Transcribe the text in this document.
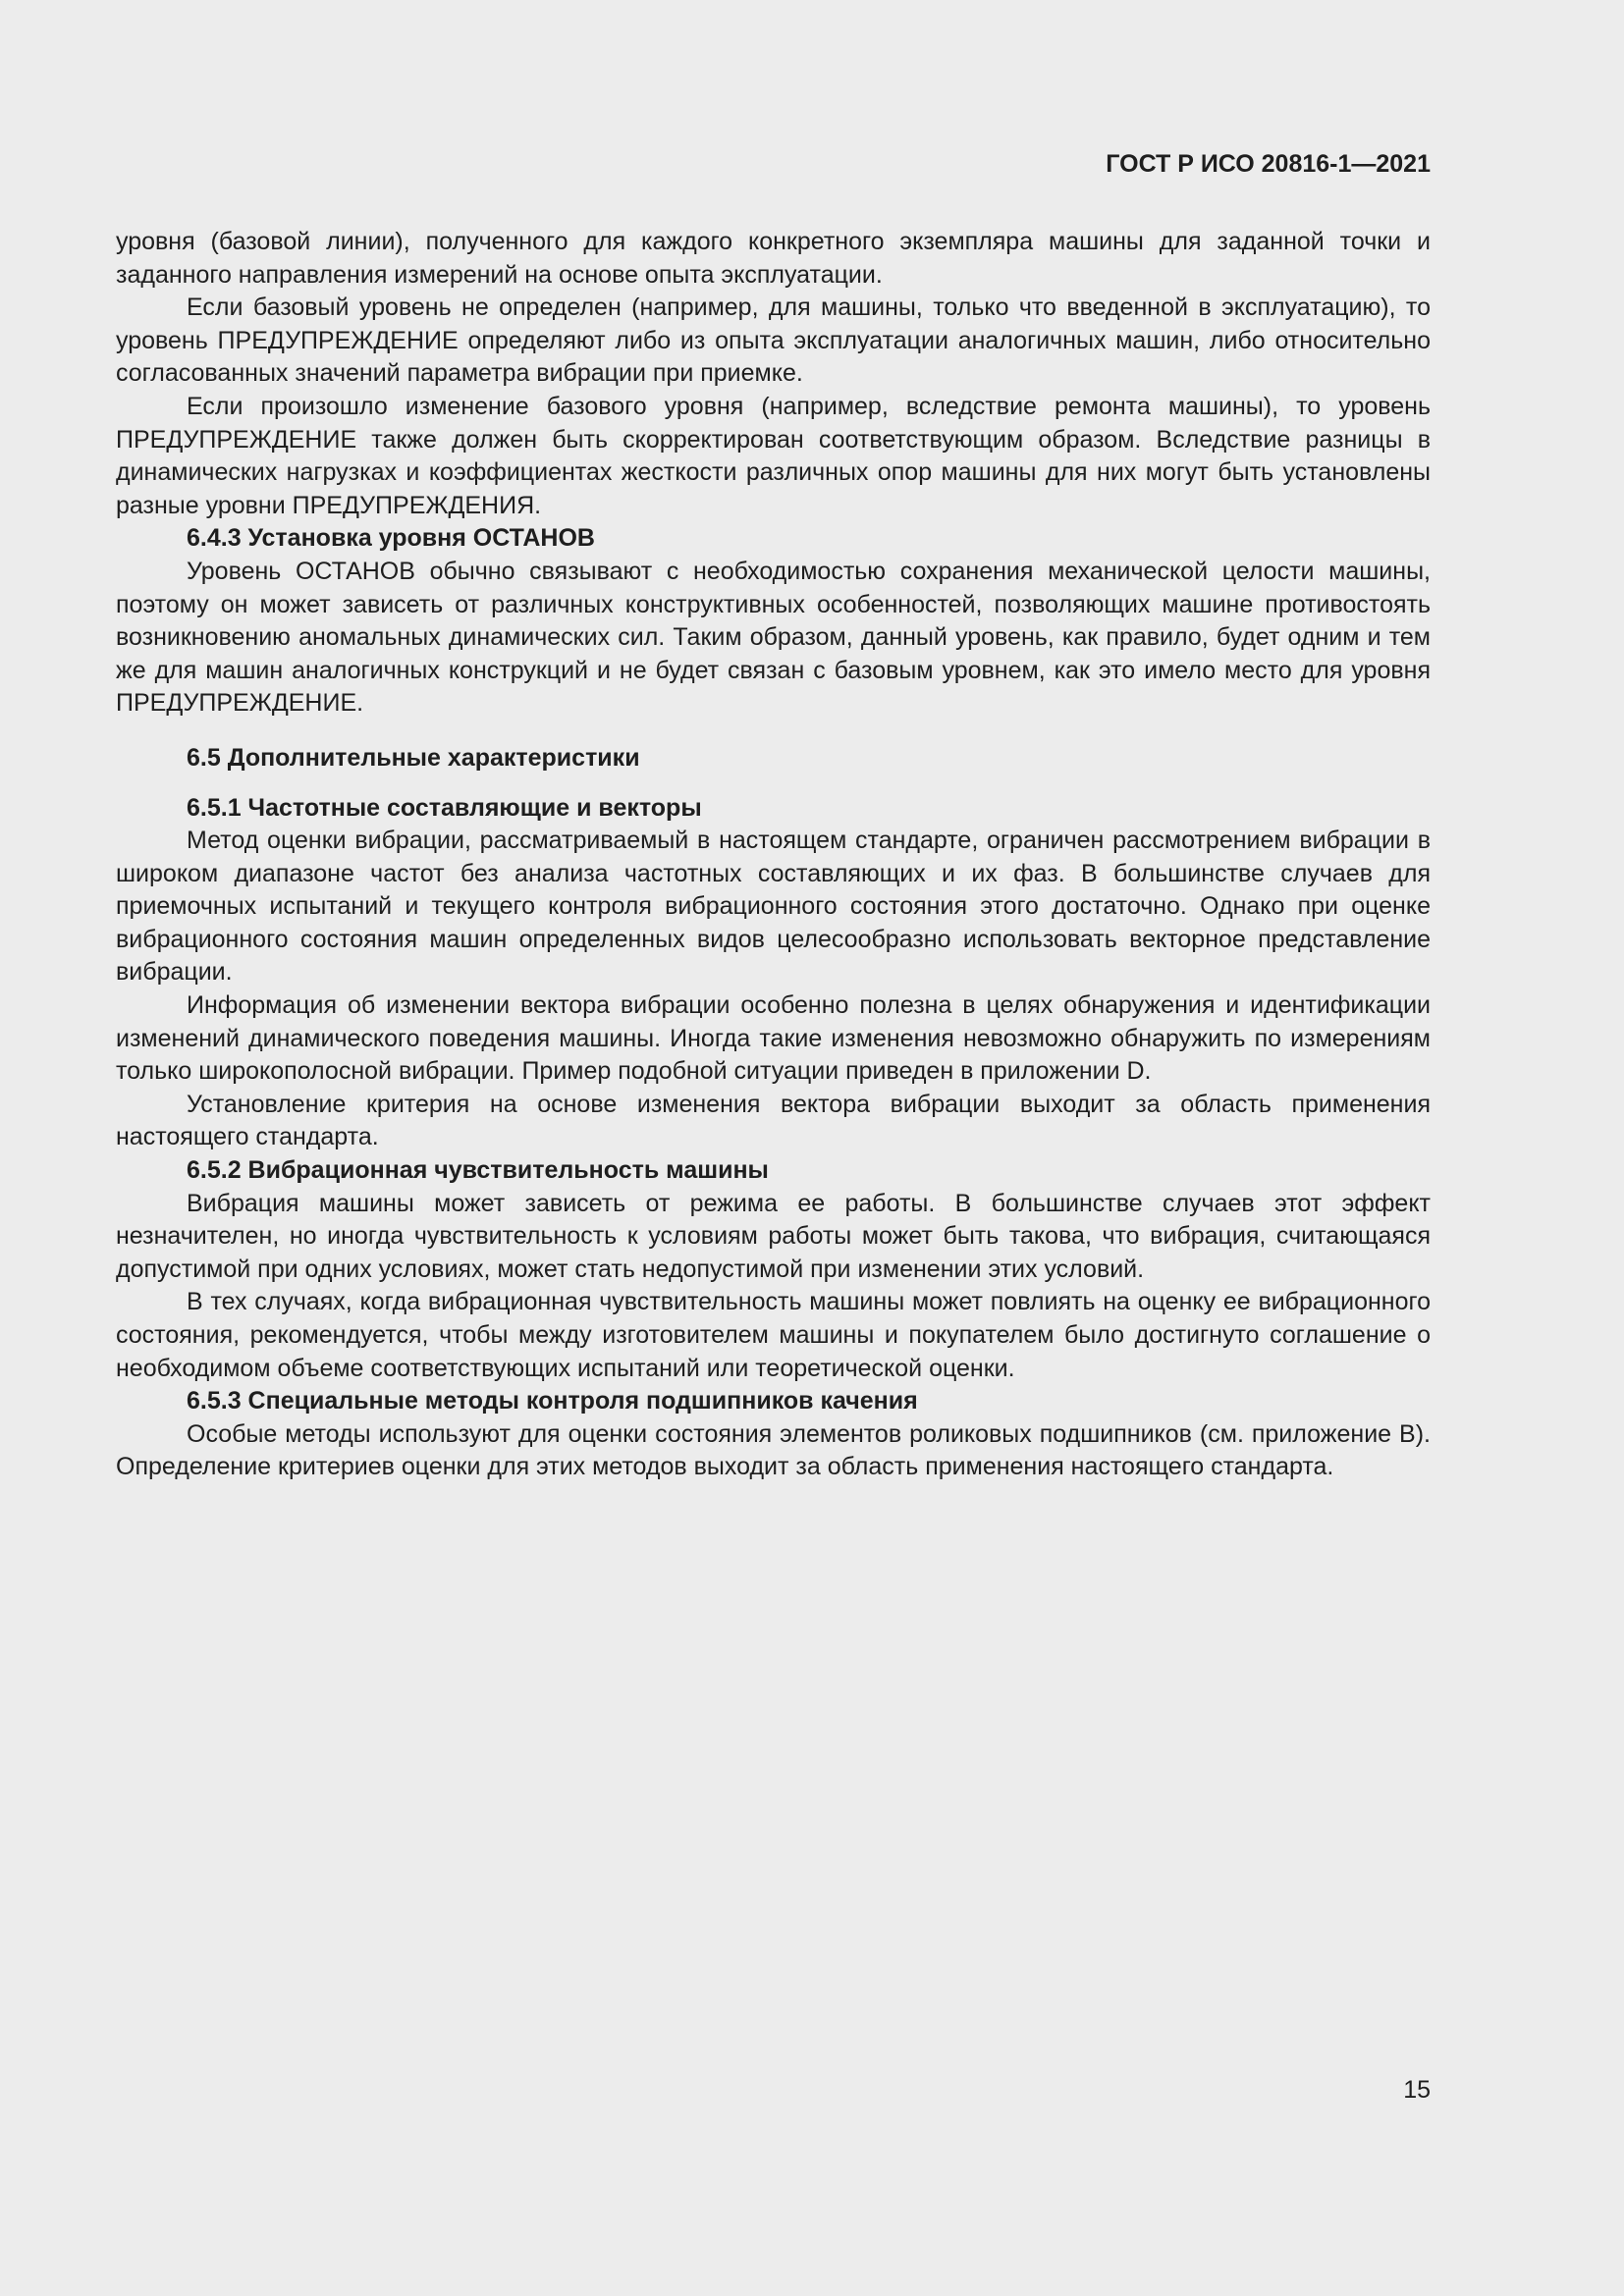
ГОСТ Р ИСО 20816-1—2021

уровня (базовой линии), полученного для каждого конкретного экземпляра машины для заданной точки и заданного направления измерений на основе опыта эксплуатации.

Если базовый уровень не определен (например, для машины, только что введенной в эксплуатацию), то уровень ПРЕДУПРЕЖДЕНИЕ определяют либо из опыта эксплуатации аналогичных машин, либо относительно согласованных значений параметра вибрации при приемке.

Если произошло изменение базового уровня (например, вследствие ремонта машины), то уровень ПРЕДУПРЕЖДЕНИЕ также должен быть скорректирован соответствующим образом. Вследствие разницы в динамических нагрузках и коэффициентах жесткости различных опор машины для них могут быть установлены разные уровни ПРЕДУПРЕЖДЕНИЯ.

6.4.3 Установка уровня ОСТАНОВ

Уровень ОСТАНОВ обычно связывают с необходимостью сохранения механической целости машины, поэтому он может зависеть от различных конструктивных особенностей, позволяющих машине противостоять возникновению аномальных динамических сил. Таким образом, данный уровень, как правило, будет одним и тем же для машин аналогичных конструкций и не будет связан с базовым уровнем, как это имело место для уровня ПРЕДУПРЕЖДЕНИЕ.

6.5 Дополнительные характеристики
6.5.1 Частотные составляющие и векторы

Метод оценки вибрации, рассматриваемый в настоящем стандарте, ограничен рассмотрением вибрации в широком диапазоне частот без анализа частотных составляющих и их фаз. В большинстве случаев для приемочных испытаний и текущего контроля вибрационного состояния этого достаточно. Однако при оценке вибрационного состояния машин определенных видов целесообразно использовать векторное представление вибрации.

Информация об изменении вектора вибрации особенно полезна в целях обнаружения и идентификации изменений динамического поведения машины. Иногда такие изменения невозможно обнаружить по измерениям только широкополосной вибрации. Пример подобной ситуации приведен в приложении D.

Установление критерия на основе изменения вектора вибрации выходит за область применения настоящего стандарта.

6.5.2 Вибрационная чувствительность машины

Вибрация машины может зависеть от режима ее работы. В большинстве случаев этот эффект незначителен, но иногда чувствительность к условиям работы может быть такова, что вибрация, считающаяся допустимой при одних условиях, может стать недопустимой при изменении этих условий.

В тех случаях, когда вибрационная чувствительность машины может повлиять на оценку ее вибрационного состояния, рекомендуется, чтобы между изготовителем машины и покупателем было достигнуто соглашение о необходимом объеме соответствующих испытаний или теоретической оценки.

6.5.3 Специальные методы контроля подшипников качения

Особые методы используют для оценки состояния элементов роликовых подшипников (см. приложение B). Определение критериев оценки для этих методов выходит за область применения настоящего стандарта.

15
